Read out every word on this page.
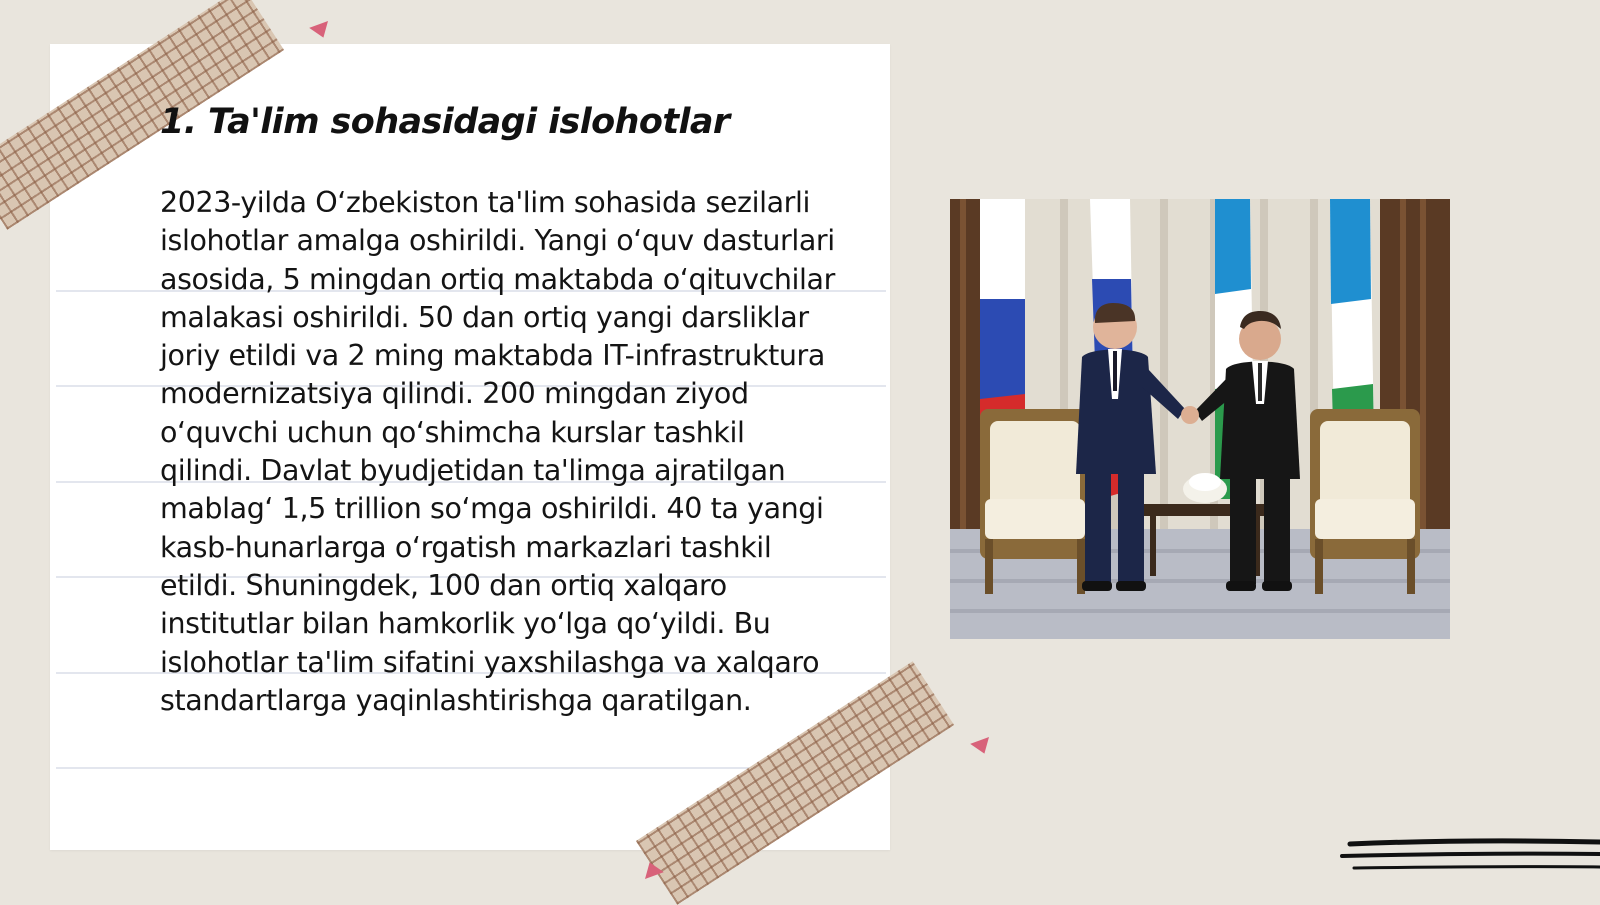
1. Ta'lim sohasidagi islohotlar

2023-yilda O‘zbekiston ta'lim sohasida sezilarli islohotlar amalga oshirildi. Yangi o‘quv dasturlari asosida, 5 mingdan ortiq maktabda o‘qituvchilar malakasi oshirildi. 50 dan ortiq yangi darsliklar joriy etildi va 2 ming maktabda IT-infrastruktura modernizatsiya qilindi. 200 mingdan ziyod o‘quvchi uchun qo‘shimcha kurslar tashkil qilindi. Davlat byudjetidan ta'limga ajratilgan mablag‘ 1,5 trillion so‘mga oshirildi. 40 ta yangi kasb-hunarlarga o‘rgatish markazlari tashkil etildi. Shuningdek, 100 dan ortiq xalqaro institutlar bilan hamkorlik yo‘lga qo‘yildi. Bu islohotlar ta'lim sifatini yaxshilashga va xalqaro standartlarga yaqinlashtirishga qaratilgan.
